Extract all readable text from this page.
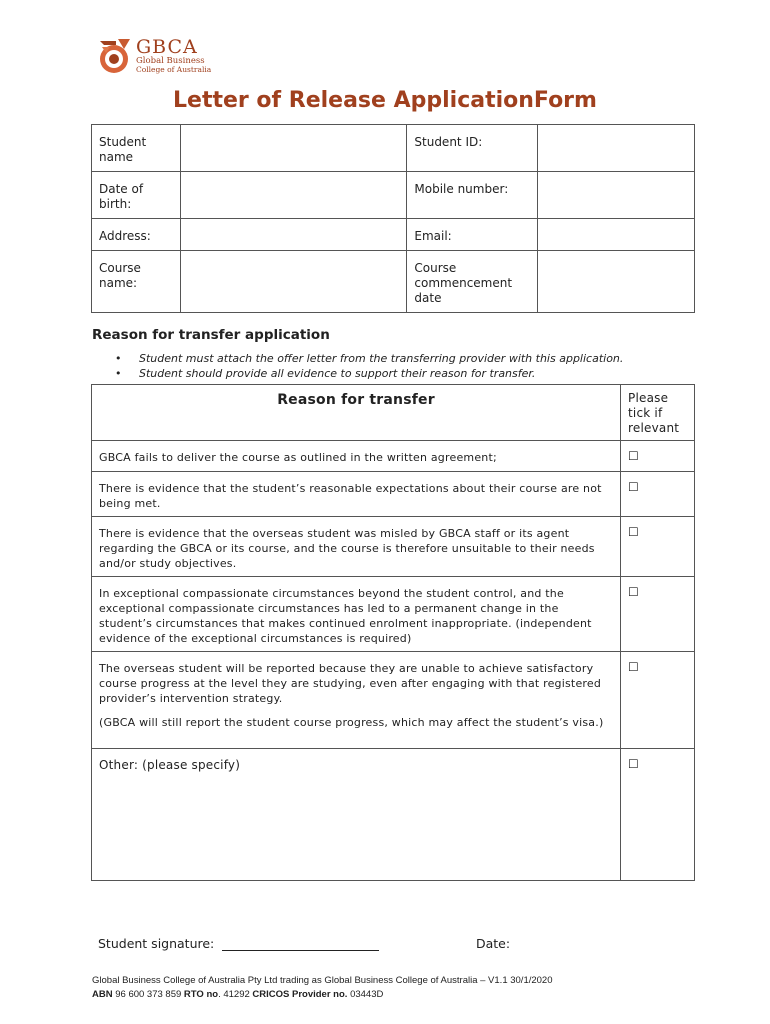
GBCA
Global Business
College of Australia
Letter of Release ApplicationForm
Student name		Student ID:	
Date of birth:		Mobile number:	
Address:		Email:	
Course name:		Course commencement date	
Reason for transfer application
• Student must attach the offer letter from the transferring provider with this application.
• Student should provide all evidence to support their reason for transfer.
Reason for transfer	Please tick if relevant
GBCA fails to deliver the course as outlined in the written agreement;	☐
There is evidence that the student’s reasonable expectations about their course are not being met.	☐
There is evidence that the overseas student was misled by GBCA staff or its agent regarding the GBCA or its course, and the course is therefore unsuitable to their needs and/or study objectives.	☐
In exceptional compassionate circumstances beyond the student control, and the exceptional compassionate circumstances has led to a permanent change in the student’s circumstances that makes continued enrolment inappropriate. (independent evidence of the exceptional circumstances is required)	☐

The overseas student will be reported because they are unable to achieve satisfactory course progress at the level they are studying, even after engaging with that registered provider’s intervention strategy.
(GBCA will still report the student course progress, which may affect the student’s visa.)	☐
Other: (please specify)	☐
Student signature:	Date:
Global Business College of Australia Pty Ltd trading as Global Business College of Australia – V1.1 30/1/2020
ABN 96 600 373 859 RTO no. 41292 CRICOS Provider no. 03443D
